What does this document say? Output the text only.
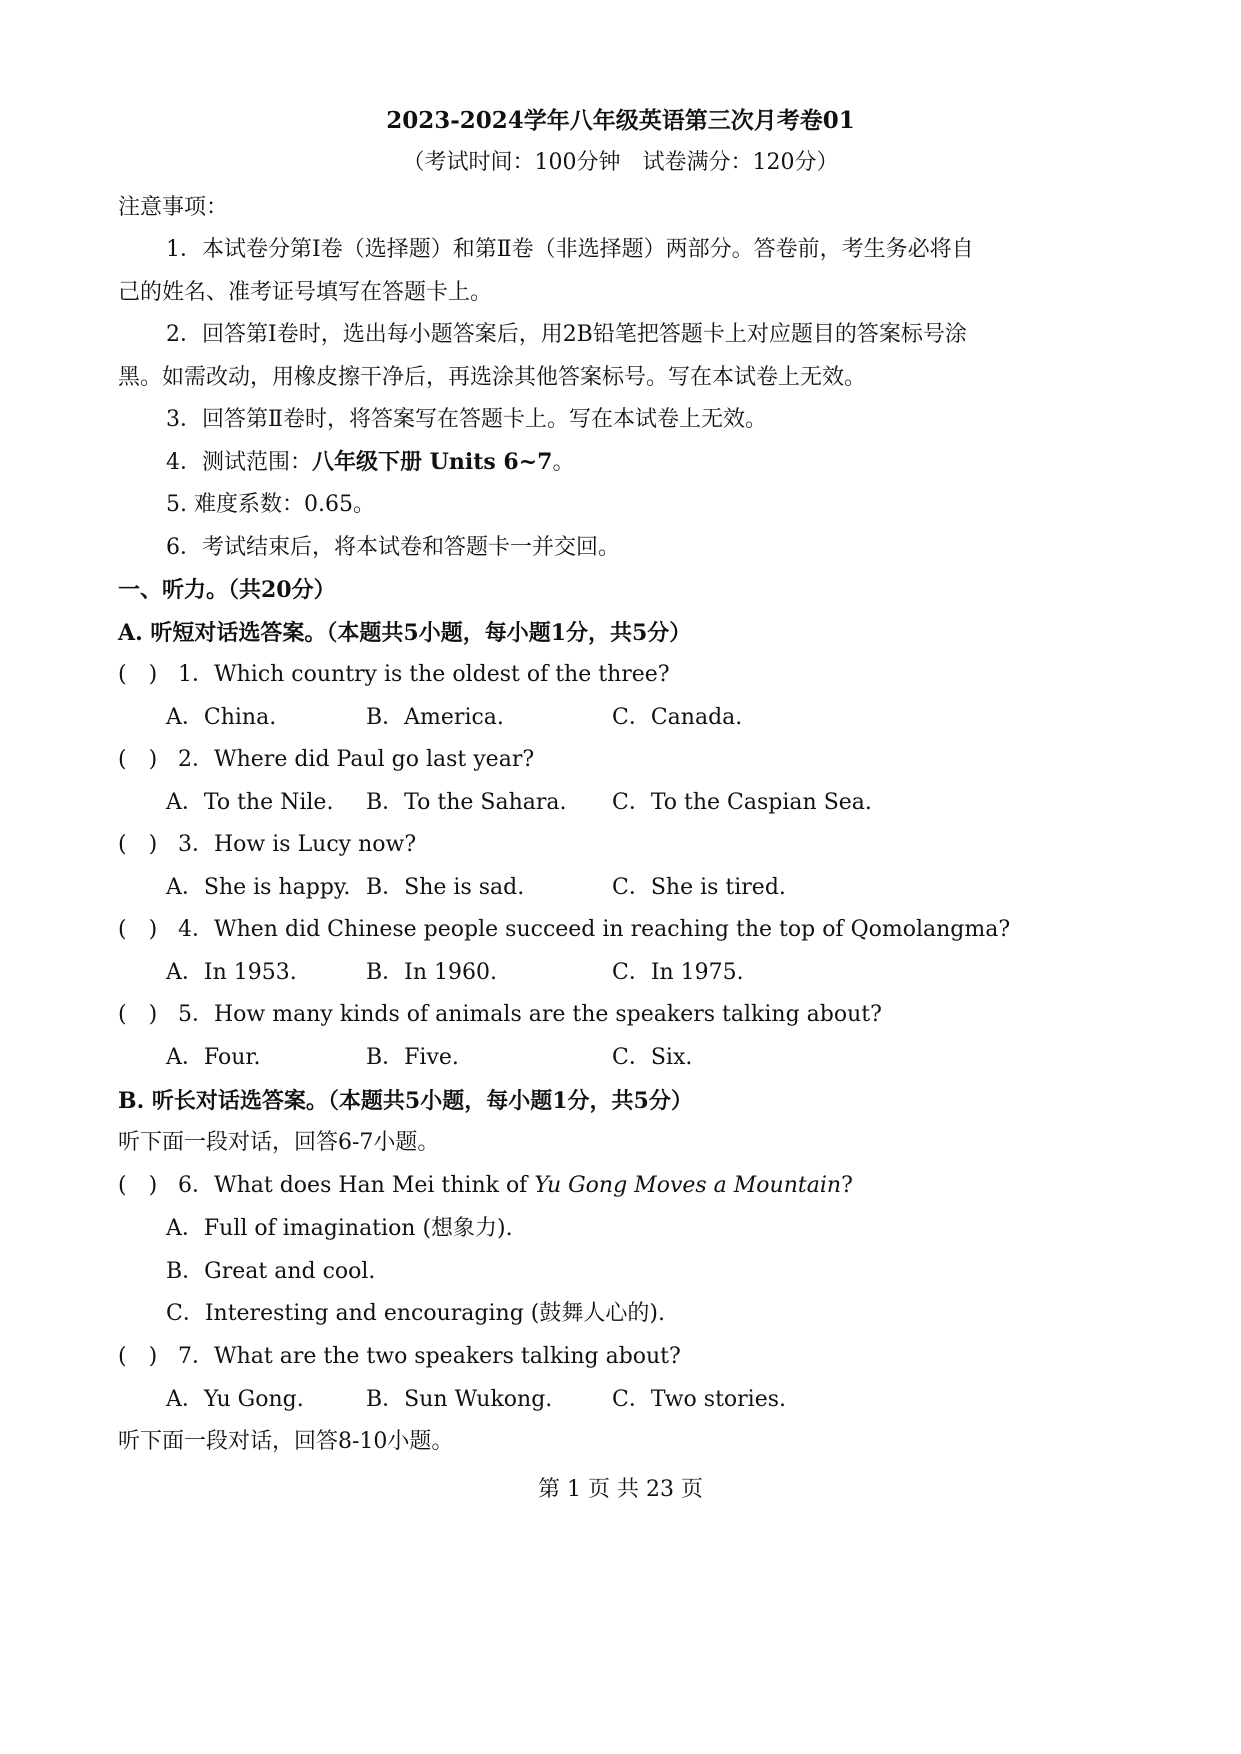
2023-2024学年八年级英语第三次月考卷01
（考试时间：100分钟　试卷满分：120分）
注意事项：
1．本试卷分第Ⅰ卷（选择题）和第Ⅱ卷（非选择题）两部分。答卷前，考生务必将自
己的姓名、准考证号填写在答题卡上。
2．回答第Ⅰ卷时，选出每小题答案后，用2B铅笔把答题卡上对应题目的答案标号涂
黑。如需改动，用橡皮擦干净后，再选涂其他答案标号。写在本试卷上无效。
3．回答第Ⅱ卷时，将答案写在答题卡上。写在本试卷上无效。
4．测试范围：八年级下册 Units 6~7。
5. 难度系数：0.65。
6．考试结束后，将本试卷和答题卡一并交回。
一、听力。（共20分）
A. 听短对话选答案。（本题共5小题，每小题1分，共5分）
(　) 1．Which country is the oldest of the three?
A．China.	B．America.	C．Canada.
(　) 2．Where did Paul go last year?
A．To the Nile. B．To the Sahara. C．To the Caspian Sea.
(　) 3．How is Lucy now?
A．She is happy. B．She is sad.	C．She is tired.
(　) 4．When did Chinese people succeed in reaching the top of Qomolangma?
A．In 1953.	B．In 1960.	C．In 1975.
(　) 5．How many kinds of animals are the speakers talking about?
A．Four.	B．Five.	C．Six.
B. 听长对话选答案。（本题共5小题，每小题1分，共5分）
听下面一段对话，回答6-7小题。
(　) 6．What does Han Mei think of Yu Gong Moves a Mountain?
A．Full of imagination (想象力).
B．Great and cool.
C．Interesting and encouraging (鼓舞人心的).
(　) 7．What are the two speakers talking about?
A．Yu Gong.	B．Sun Wukong.	C．Two stories.
听下面一段对话，回答8-10小题。
第 1 页 共 23 页
